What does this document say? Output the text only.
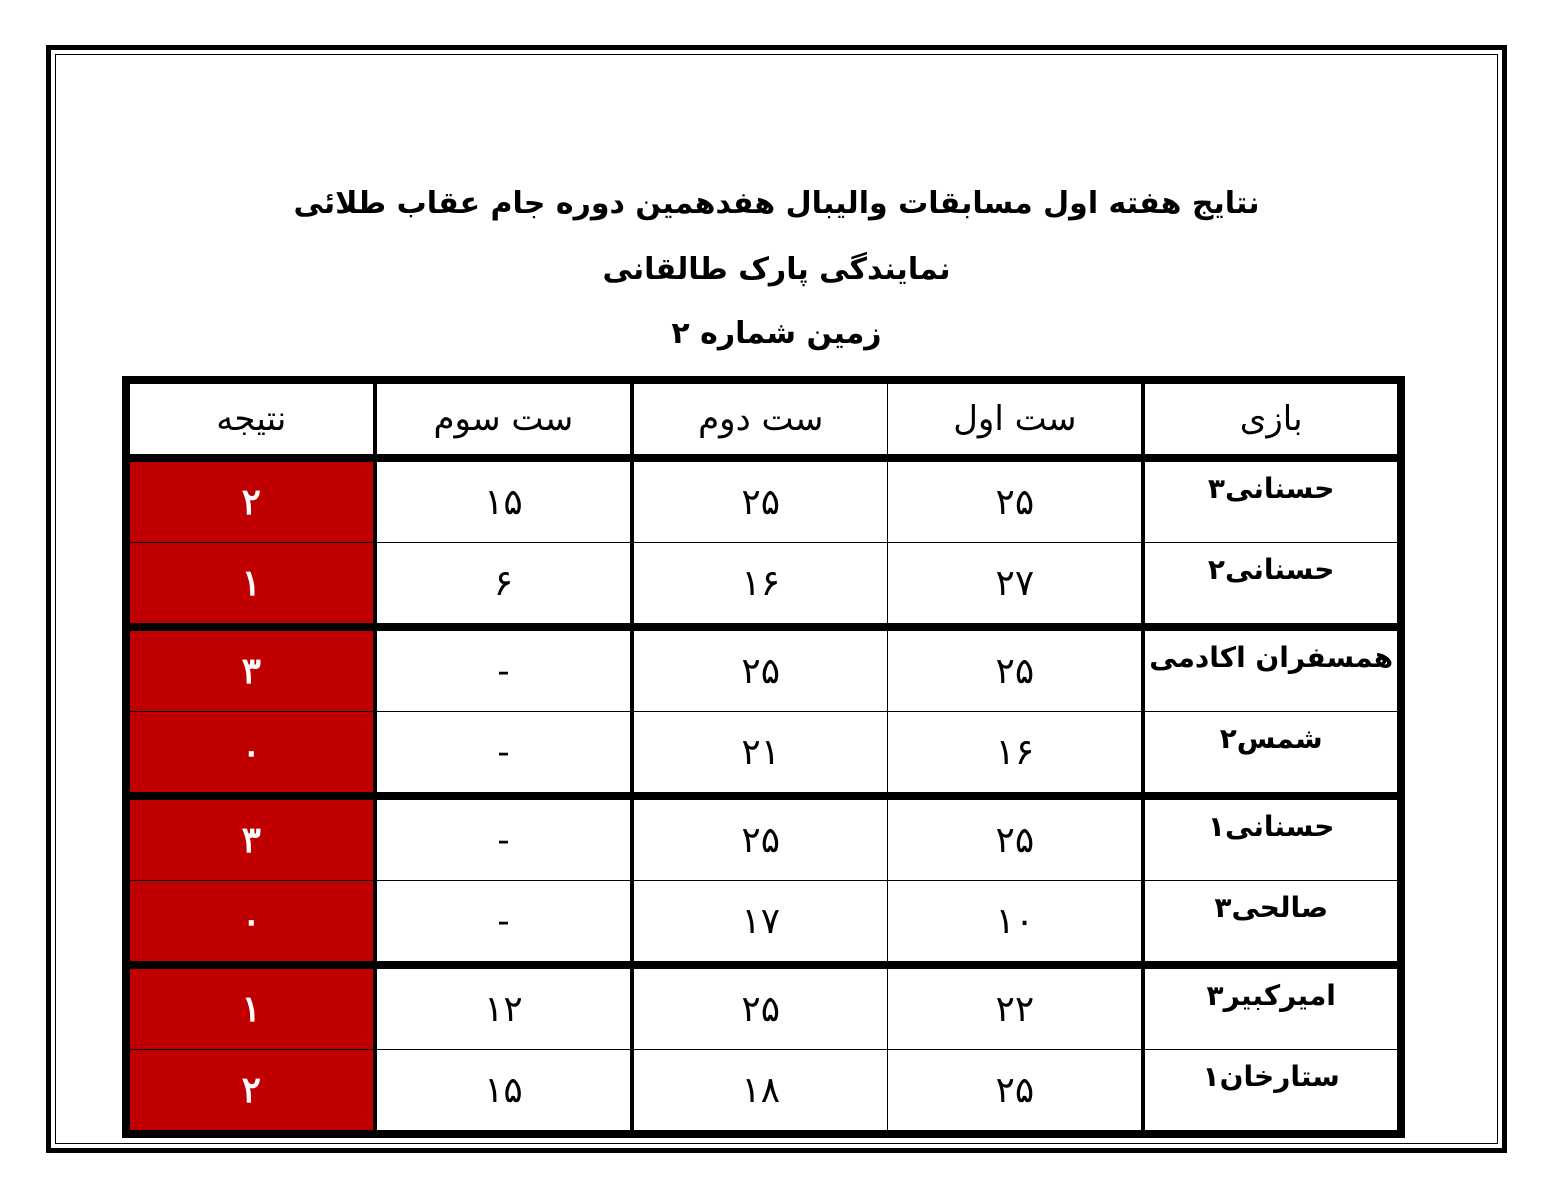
نتایج هفته اول مسابقات والیبال هفدهمین دوره جام عقاب طلائی
نمایندگی پارک طالقانی
زمین شماره ۲
بازی	ست اول	ست دوم	ست سوم	نتیجه
حسنانی۳	۲۵	۲۵	۱۵	۲
حسنانی۲	۲۷	۱۶	۶	۱
همسفران اکادمی	۲۵	۲۵	-	۳
شمس۲	۱۶	۲۱	-	۰
حسنانی۱	۲۵	۲۵	-	۳
صالحی۳	۱۰	۱۷	-	۰
امیرکبیر۳	۲۲	۲۵	۱۲	۱
ستارخان۱	۲۵	۱۸	۱۵	۲
